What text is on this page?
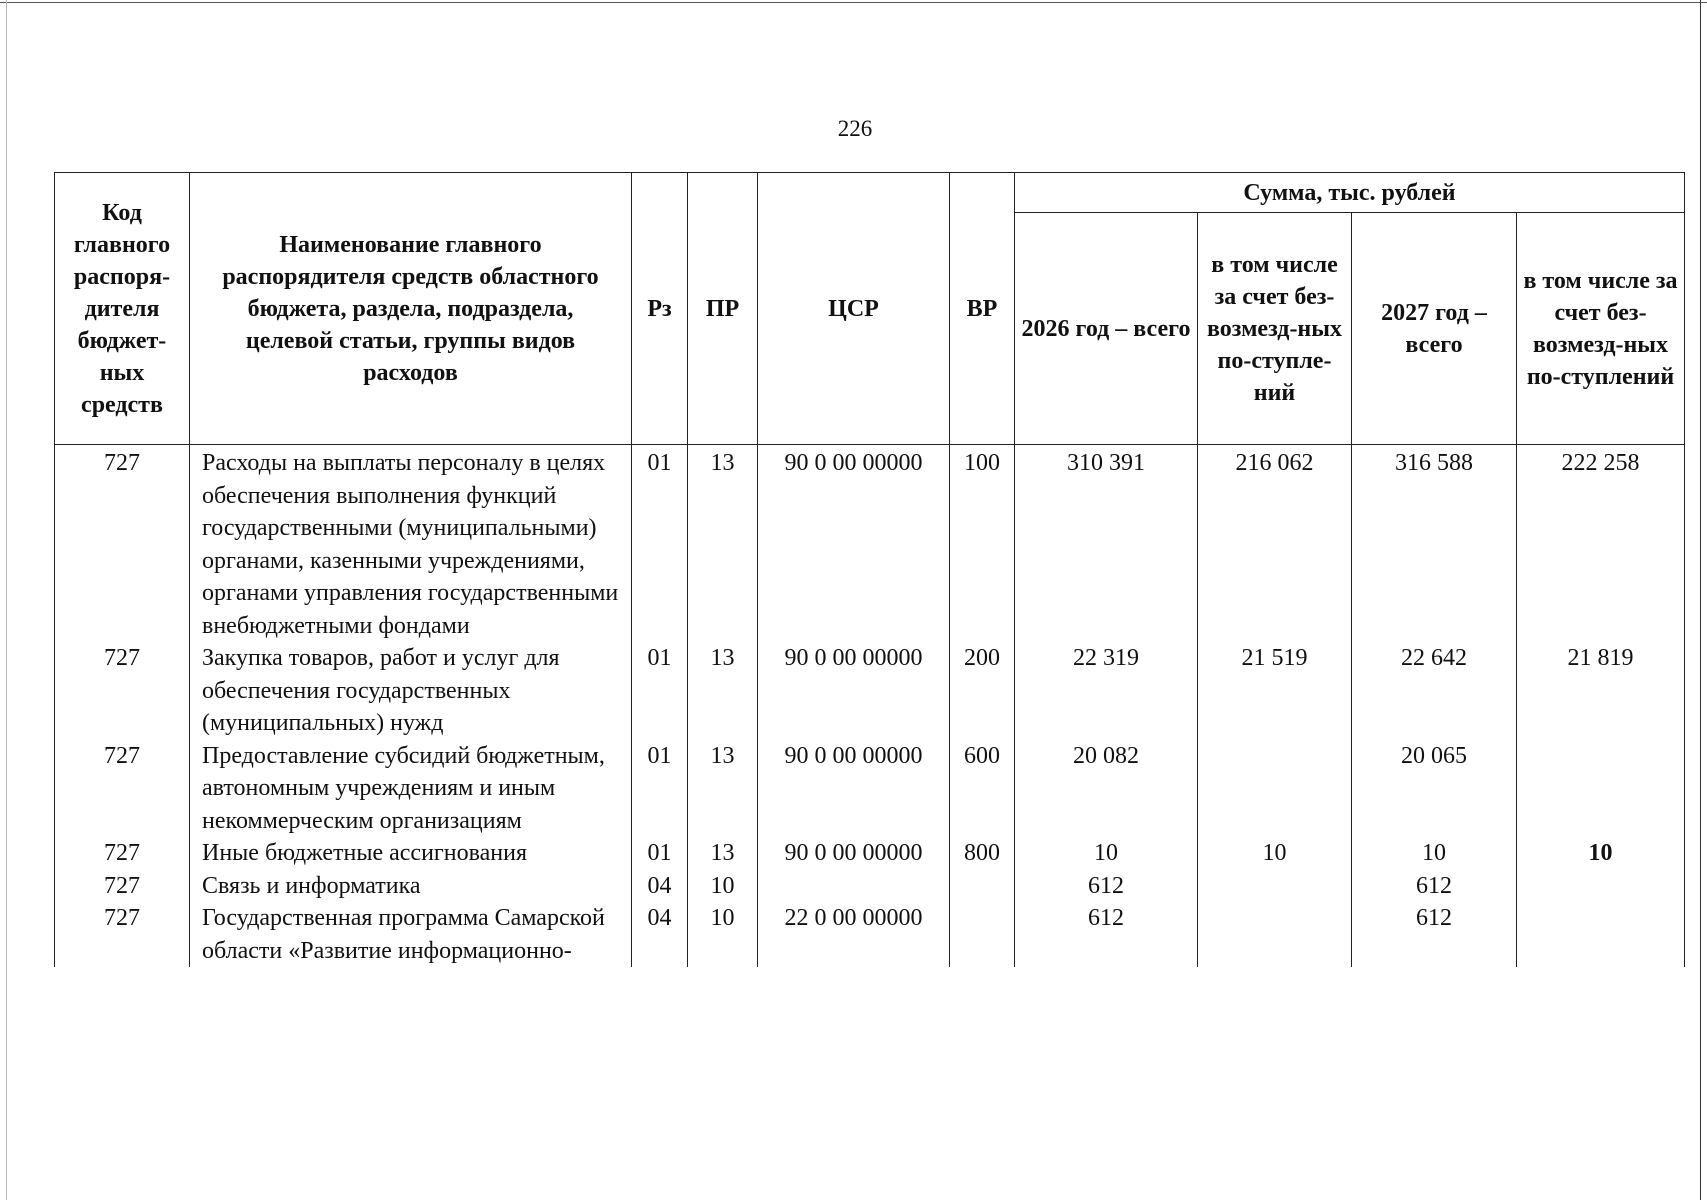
226
Код главного распоря-дителя бюджет-ных средств	Наименование главного распорядителя средств областного бюджета, раздела, подраздела, целевой статьи, группы видов расходов	Рз	ПР	ЦСР	ВР	Сумма, тыс. рублей			
						2026 год – всего	в том числе за счет без-возмезд-ных по-ступле-ний	2027 год – всего	в том числе за счет без-возмезд-ных по-ступлений
727	Расходы на выплаты персоналу в целях обеспечения выполнения функций государственными (муниципальными) органами, казенными учреждениями, органами управления государственными внебюджетными фондами	01	13	90 0 00 00000	100	310 391	216 062	316 588	222 258
727	Закупка товаров, работ и услуг для обеспечения государственных (муниципальных) нужд	01	13	90 0 00 00000	200	22 319	21 519	22 642	21 819
727	Предоставление субсидий бюджетным, автономным учреждениям и иным некоммерческим организациям	01	13	90 0 00 00000	600	20 082		20 065	
727	Иные бюджетные ассигнования	01	13	90 0 00 00000	800	10	10	10	10
727	Связь и информатика	04	10			612		612	
727	Государственная программа Самарской области «Развитие информационно-	04	10	22 0 00 00000		612		612	
